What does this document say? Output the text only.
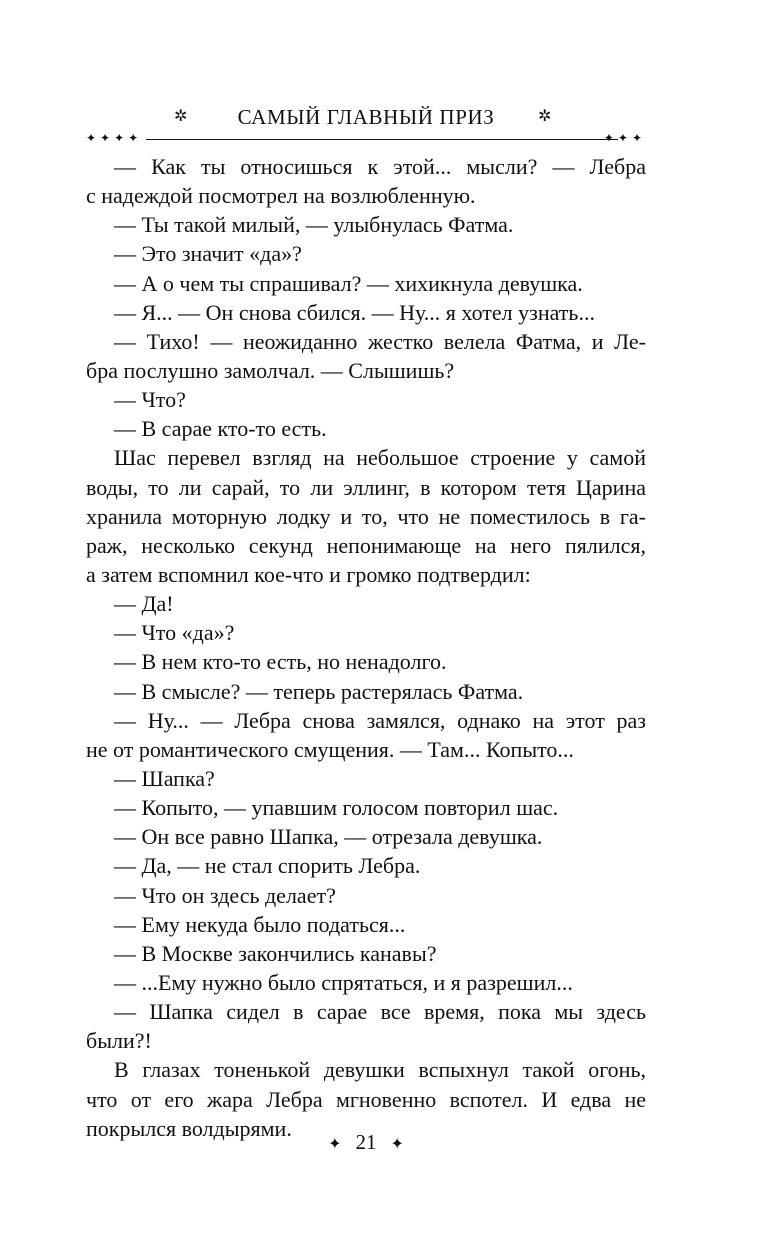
✲	САМЫЙ ГЛАВНЫЙ ПРИЗ	✲
✦✦✦✦	✦✦✦
— Как ты относишься к этой... мысли? — Лебра
с надеждой посмотрел на возлюбленную.
— Ты такой милый, — улыбнулась Фатма.
— Это значит «да»?
— А о чем ты спрашивал? — хихикнула девушка.
— Я... — Он снова сбился. — Ну... я хотел узнать...
— Тихо! — неожиданно жестко велела Фатма, и Ле-
бра послушно замолчал. — Слышишь?
— Что?
— В сарае кто-то есть.
Шас перевел взгляд на небольшое строение у самой
воды, то ли сарай, то ли эллинг, в котором тетя Царина
хранила моторную лодку и то, что не поместилось в га-
раж, несколько секунд непонимающе на него пялился,
а затем вспомнил кое-что и громко подтвердил:
— Да!
— Что «да»?
— В нем кто-то есть, но ненадолго.
— В смысле? — теперь растерялась Фатма.
— Ну... — Лебра снова замялся, однако на этот раз
не от романтического смущения. — Там... Копыто...
— Шапка?
— Копыто, — упавшим голосом повторил шас.
— Он все равно Шапка, — отрезала девушка.
— Да, — не стал спорить Лебра.
— Что он здесь делает?
— Ему некуда было податься...
— В Москве закончились канавы?
— ...Ему нужно было спрятаться, и я разрешил...
— Шапка сидел в сарае все время, пока мы здесь
были?!
В глазах тоненькой девушки вспыхнул такой огонь,
что от его жара Лебра мгновенно вспотел. И едва не
покрылся волдырями.
✦ 21 ✦
